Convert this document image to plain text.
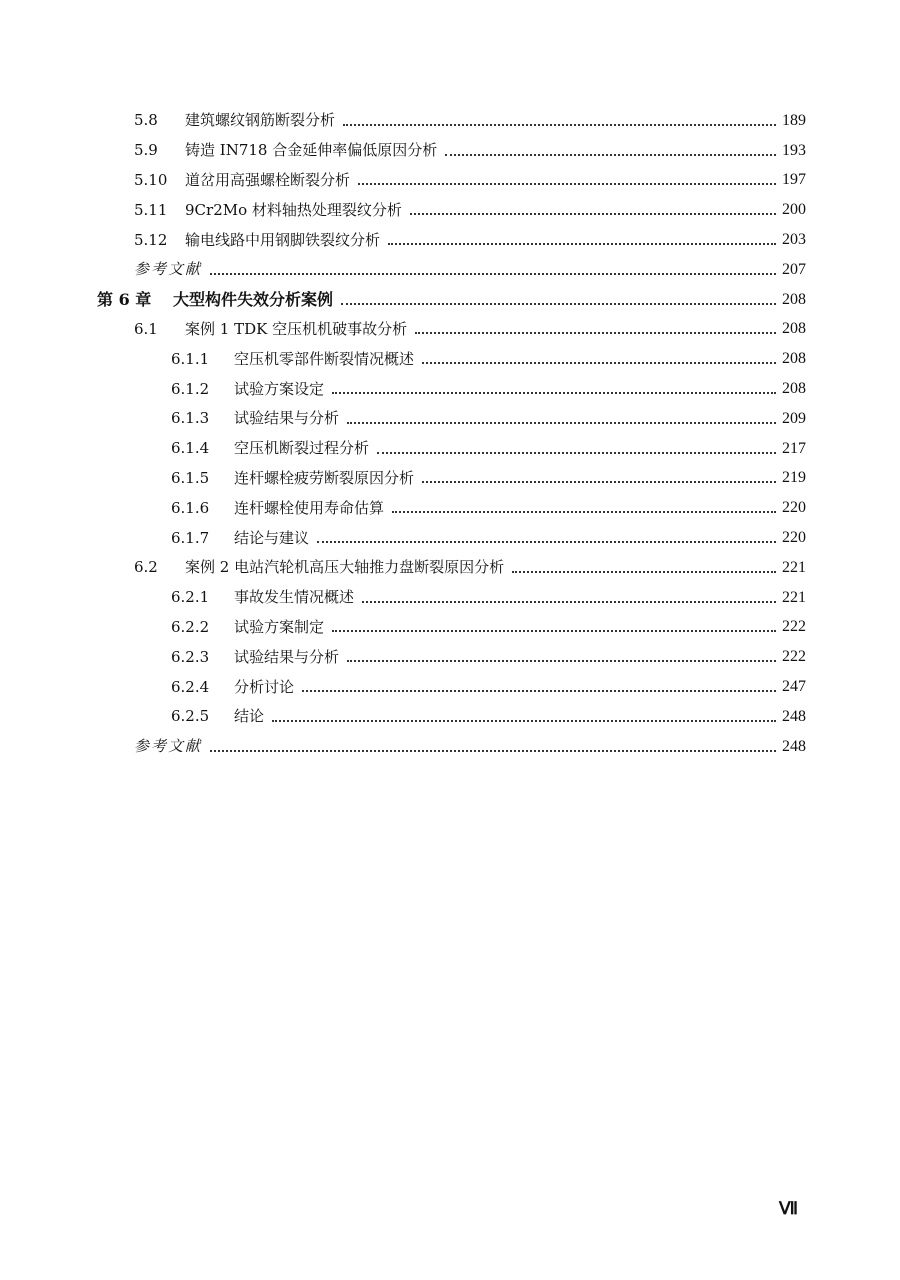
5.8	建筑螺纹钢筋断裂分析	189
5.9	铸造 IN718 合金延伸率偏低原因分析	193
5.10	道岔用高强螺栓断裂分析	197
5.11	9Cr2Mo 材料轴热处理裂纹分析	200
5.12	输电线路中用钢脚铁裂纹分析	203
参考文献	207
第 6 章	大型构件失效分析案例	208
6.1	案例 1 TDK 空压机机破事故分析	208
6.1.1	空压机零部件断裂情况概述	208
6.1.2	试验方案设定	208
6.1.3	试验结果与分析	209
6.1.4	空压机断裂过程分析	217
6.1.5	连杆螺栓疲劳断裂原因分析	219
6.1.6	连杆螺栓使用寿命估算	220
6.1.7	结论与建议	220
6.2	案例 2 电站汽轮机高压大轴推力盘断裂原因分析	221
6.2.1	事故发生情况概述	221
6.2.2	试验方案制定	222
6.2.3	试验结果与分析	222
6.2.4	分析讨论	247
6.2.5	结论	248
参考文献	248
Ⅶ
